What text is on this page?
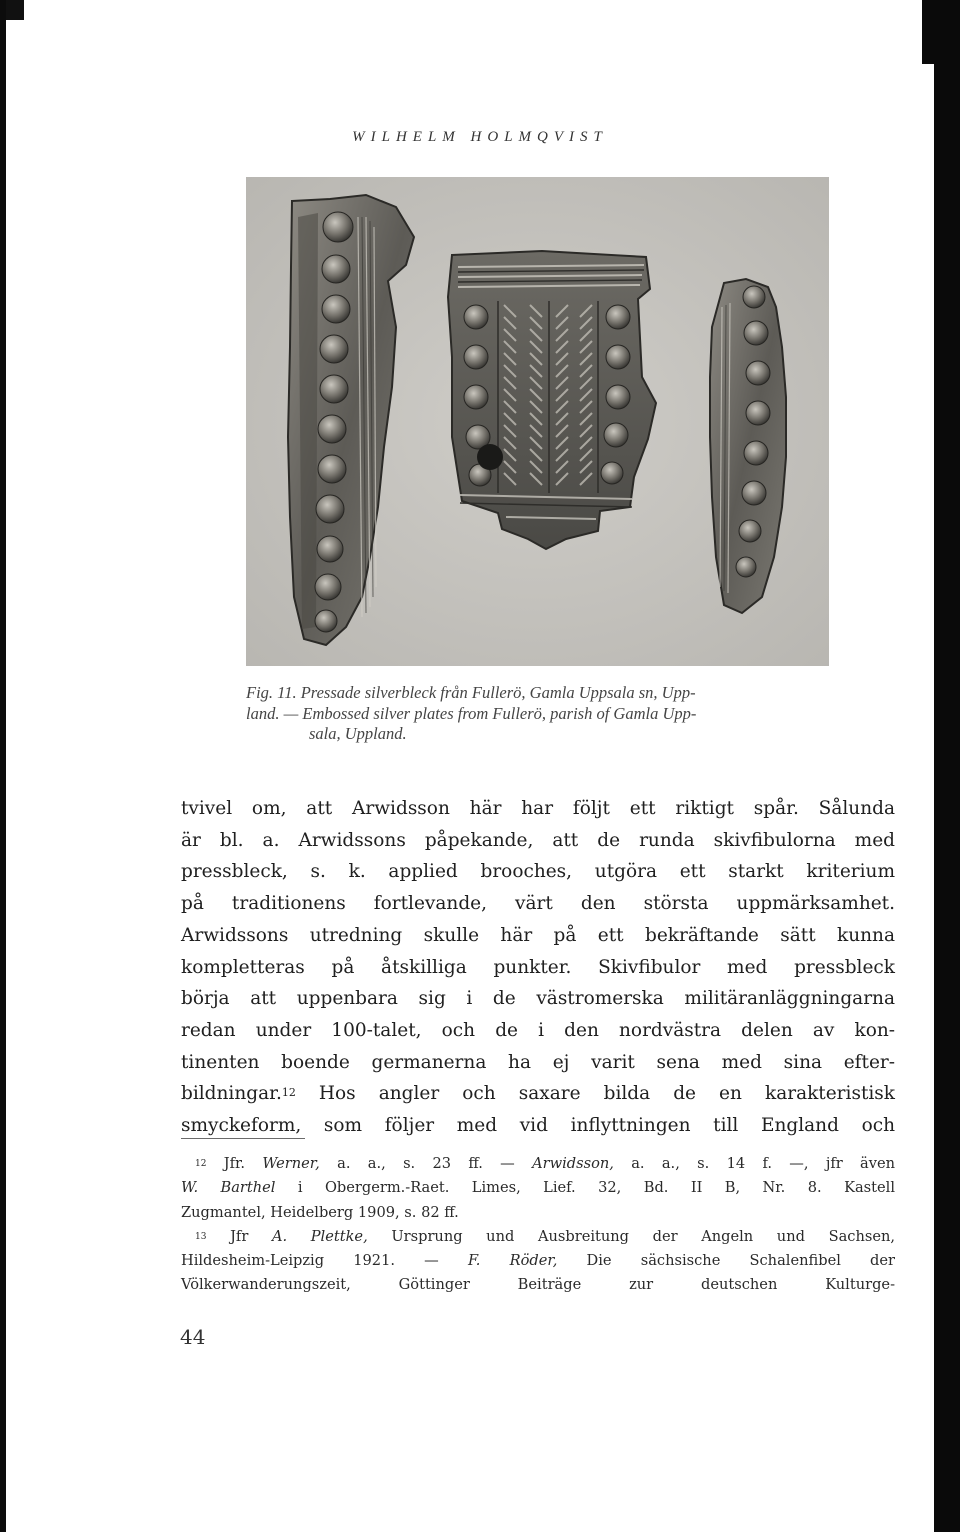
WILHELM HOLMQVIST
Fig. 11. Pressade silverbleck från Fullerö, Gamla Uppsala sn, Upp-
land. — Embossed silver plates from Fullerö, parish of Gamla Upp-
sala, Uppland.
tvivel om, att Arwidsson här har följt ett riktigt spår. Sålunda
är bl. a. Arwidssons påpekande, att de runda skivfibulorna med
pressbleck, s. k. applied brooches, utgöra ett starkt kriterium
på traditionens fortlevande, värt den största uppmärksamhet.
Arwidssons utredning skulle här på ett bekräftande sätt kunna
kompletteras på åtskilliga punkter. Skivfibulor med pressbleck
börja att uppenbara sig i de västromerska militäranläggningarna
redan under 100-talet, och de i den nordvästra delen av kon-
tinenten boende germanerna ha ej varit sena med sina efter-
bildningar.$^{12}$ Hos angler och saxare bilda de en karakteristisk
smyckeform, som följer med vid inflyttningen till England och
$^{12}$ Jfr. Werner, a. a., s. 23 ff. — Arwidsson, a. a., s. 14 f. —, jfr även
W. Barthel i Obergerm.-Raet. Limes, Lief. 32, Bd. II B, Nr. 8. Kastell
Zugmantel, Heidelberg 1909, s. 82 ff.
$^{13}$ Jfr A. Plettke, Ursprung und Ausbreitung der Angeln und Sachsen,
Hildesheim-Leipzig 1921. — F. Röder, Die sächsische Schalenfibel der
Völkerwanderungszeit, Göttinger Beiträge zur deutschen Kulturge-
44
